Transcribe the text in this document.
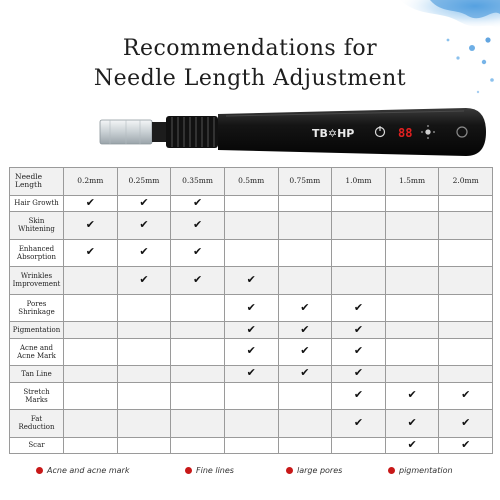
Recommendations for
Needle Length Adjustment
TB✡HP	88
Needle Length	0.2mm	0.25mm	0.35mm	0.5mm	0.75mm	1.0mm	1.5mm	2.0mm
Hair Growth	✔	✔	✔					
Skin Whitening	✔	✔	✔					
Enhanced Absorption	✔	✔	✔					
Wrinkles Improvement		✔	✔	✔				
Pores Shrinkage				✔	✔	✔		
Pigmentation				✔	✔	✔		
Acne and Acne Mark				✔	✔	✔		
Tan Line				✔	✔	✔		
Stretch Marks						✔	✔	✔
Fat Reduction						✔	✔	✔
Scar							✔	✔
Acne and acne mark	Fine lines	large pores	pigmentation
